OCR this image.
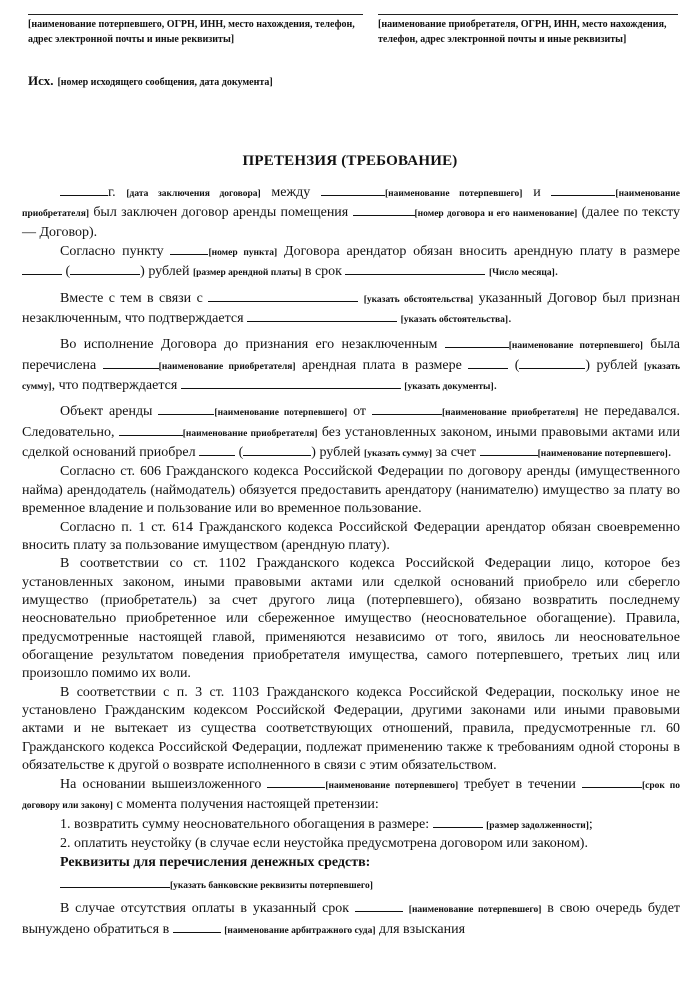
[наименование потерпевшего, ОГРН, ИНН, место нахождения, телефон, адрес электронной почты и иные реквизиты]
[наименование приобретателя, ОГРН, ИНН, место нахождения, телефон, адрес электронной почты и иные реквизиты]
Исх. [номер исходящего сообщения, дата документа]
ПРЕТЕНЗИЯ (ТРЕБОВАНИЕ)

г. [дата заключения договора] между	[наименование потерпевшего] и	[наименование приобретателя] был заключен договор аренды помещения	[номер договора и его наименование] (далее по тексту — Договор).

Согласно пункту	[номер пункта] Договора арендатор обязан вносить арендную плату в размере  (	) рублей [размер арендной платы] в срок	[Число месяца].

Вместе с тем в связи с	[указать обстоятельства] указанный Договор был признан незаключенным, что подтверждается	[указать обстоятельства].

Во исполнение Договора до признания его незаключенным	[наименование потерпевшего] была перечислена	[наименование приобретателя] арендная плата в размере	(	) рублей [указать сумму], что подтверждается	[указать документы].

Объект аренды	[наименование потерпевшего] от	[наименование приобретателя] не передавался. Следовательно,	[наименование приобретателя] без установленных законом, иными правовыми актами или сделкой оснований приобрел	(	) рублей [указать сумму] за счет	[наименование потерпевшего].

Согласно ст. 606 Гражданского кодекса Российской Федерации по договору аренды (имущественного найма) арендодатель (наймодатель) обязуется предоставить арендатору (нанимателю) имущество за плату во временное владение и пользование или во временное пользование.

Согласно п. 1 ст. 614 Гражданского кодекса Российской Федерации арендатор обязан своевременно вносить плату за пользование имуществом (арендную плату).

В соответствии со ст. 1102 Гражданского кодекса Российской Федерации лицо, которое без установленных законом, иными правовыми актами или сделкой оснований приобрело или сберегло имущество (приобретатель) за счет другого лица (потерпевшего), обязано возвратить последнему неосновательно приобретенное или сбереженное имущество (неосновательное обогащение). Правила, предусмотренные настоящей главой, применяются независимо от того, явилось ли неосновательное обогащение результатом поведения приобретателя имущества, самого потерпевшего, третьих лиц или произошло помимо их воли.

В соответствии с п. 3 ст. 1103 Гражданского кодекса Российской Федерации, поскольку иное не установлено Гражданским кодексом Российской Федерации, другими законами или иными правовыми актами и не вытекает из существа соответствующих отношений, правила, предусмотренные гл. 60 Гражданского кодекса Российской Федерации, подлежат применению также к требованиям одной стороны в обязательстве к другой о возврате исполненного в связи с этим обязательством.

На основании вышеизложенного	[наименование потерпевшего] требует в течении	[срок по договору или закону] с момента получения настоящей претензии:

1. возвратить сумму неосновательного обогащения в размере:	[размер задолженности];

2. оплатить неустойку (в случае если неустойка предусмотрена договором или законом).

Реквизиты для перечисления денежных средств:

[указать банковские реквизиты потерпевшего]

В случае отсутствия оплаты в указанный срок	[наименование потерпевшего] в свою очередь будет вынуждено обратиться в	[наименование арбитражного суда] для взыскания
